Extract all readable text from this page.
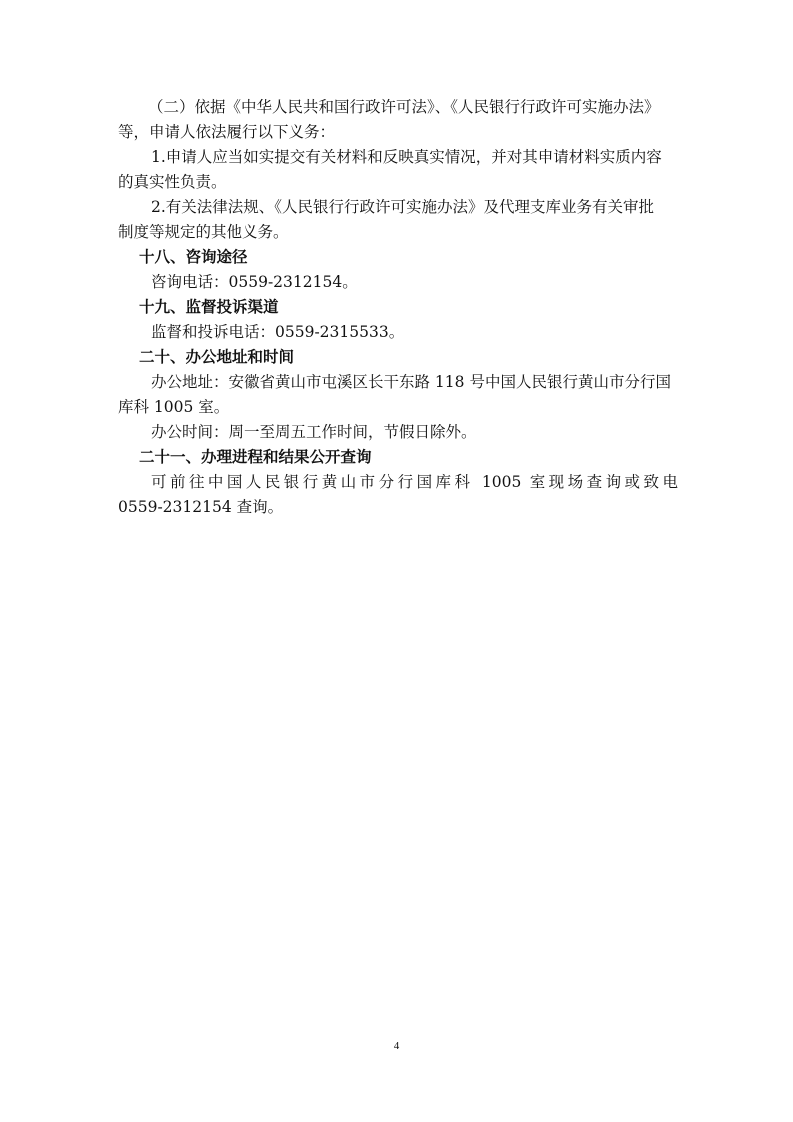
（二）依据《中华人民共和国行政许可法》、《人民银行行政许可实施办法》
等，申请人依法履行以下义务：
1.申请人应当如实提交有关材料和反映真实情况，并对其申请材料实质内容
的真实性负责。
2.有关法律法规、《人民银行行政许可实施办法》及代理支库业务有关审批
制度等规定的其他义务。
十八、咨询途径
咨询电话：0559-2312154。
十九、监督投诉渠道
监督和投诉电话：0559-2315533。
二十、办公地址和时间
办公地址：安徽省黄山市屯溪区长干东路 118 号中国人民银行黄山市分行国
库科 1005 室。
办公时间：周一至周五工作时间，节假日除外。
二十一、办理进程和结果公开查询
可前往中国人民银行黄山市分行国库科 1005 室现场查询或致电
0559-2312154 查询。
4
